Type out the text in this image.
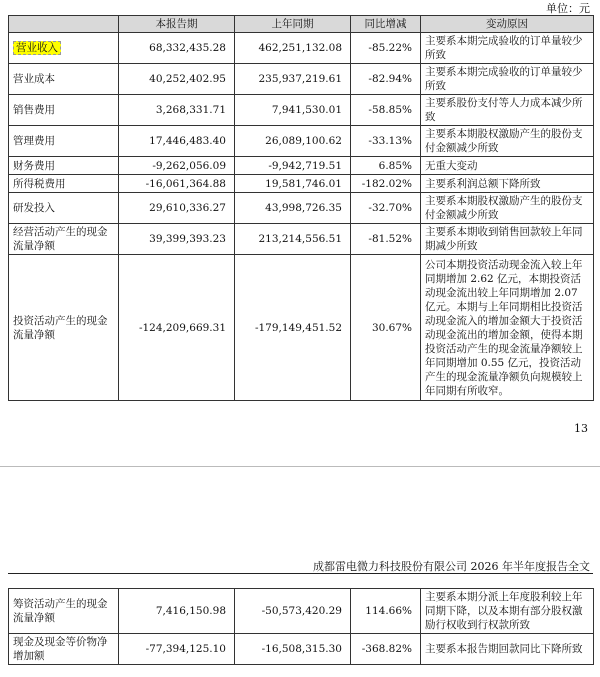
单位：元
	本报告期	上年同期	同比增减	变动原因
营业收入	68,332,435.28	462,251,132.08	-85.22%	主要系本期完成验收的订单量较少所致
营业成本	40,252,402.95	235,937,219.61	-82.94%	主要系本期完成验收的订单量较少所致
销售费用	3,268,331.71	7,941,530.01	-58.85%	主要系股份支付等人力成本减少所致
管理费用	17,446,483.40	26,089,100.62	-33.13%	主要系本期股权激励产生的股份支付金额减少所致
财务费用	-9,262,056.09	-9,942,719.51	6.85%	无重大变动
所得税费用	-16,061,364.88	19,581,746.01	-182.02%	主要系利润总额下降所致
研发投入	29,610,336.27	43,998,726.35	-32.70%	主要系本期股权激励产生的股份支付金额减少所致
经营活动产生的现金流量净额	39,399,393.23	213,214,556.51	-81.52%	主要系本期收到销售回款较上年同期减少所致
投资活动产生的现金流量净额	-124,209,669.31	-179,149,451.52	30.67%	公司本期投资活动现金流入较上年同期增加 2.62 亿元，本期投资活动现金流出较上年同期增加 2.07 亿元。本期与上年同期相比投资活动现金流入的增加金额大于投资活动现金流出的增加金额，使得本期投资活动产生的现金流量净额较上年同期增加 0.55 亿元，投资活动产生的现金流量净额负向规模较上年同期有所收窄。
13
成都雷电微力科技股份有限公司 2026 年半年度报告全文
筹资活动产生的现金流量净额	7,416,150.98	-50,573,420.29	114.66%	主要系本期分派上年度股利较上年同期下降，以及本期有部分股权激励行权收到行权款所致
现金及现金等价物净增加额	-77,394,125.10	-16,508,315.30	-368.82%	主要系本报告期回款同比下降所致
